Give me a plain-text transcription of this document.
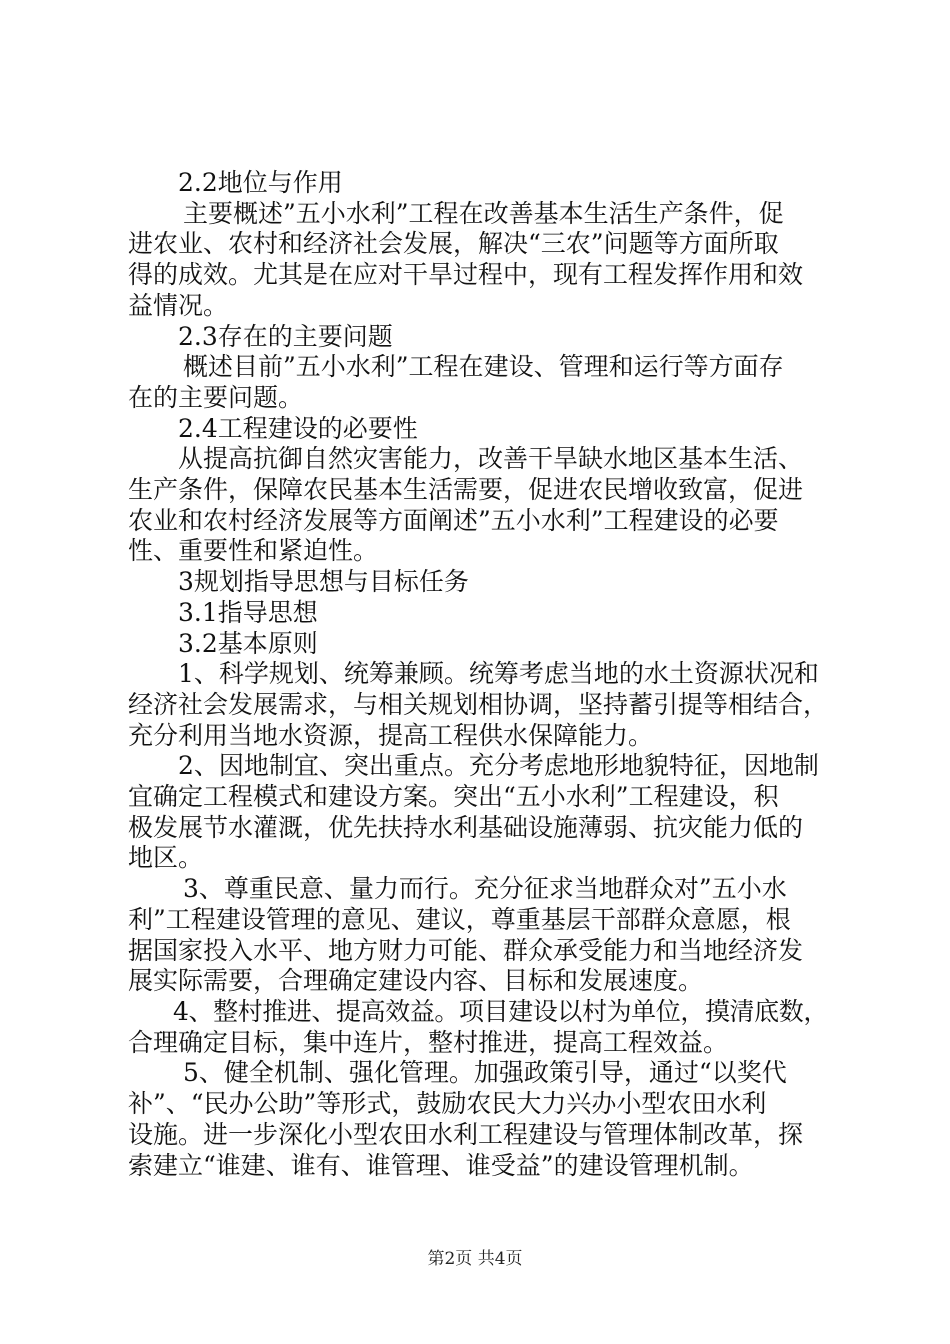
2.2地位与作用
主要概述”五小水利”工程在改善基本生活生产条件，促
进农业、农村和经济社会发展，解决“三农”问题等方面所取
得的成效。尤其是在应对干旱过程中，现有工程发挥作用和效
益情况。
2.3存在的主要问题
概述目前”五小水利”工程在建设、管理和运行等方面存
在的主要问题。
2.4工程建设的必要性
从提高抗御自然灾害能力，改善干旱缺水地区基本生活、
生产条件，保障农民基本生活需要，促进农民增收致富，促进
农业和农村经济发展等方面阐述”五小水利”工程建设的必要
性、重要性和紧迫性。
3规划指导思想与目标任务
3.1指导思想
3.2基本原则
1、科学规划、统筹兼顾。统筹考虑当地的水土资源状况和
经济社会发展需求，与相关规划相协调，坚持蓄引提等相结合，
充分利用当地水资源，提高工程供水保障能力。
2、因地制宜、突出重点。充分考虑地形地貌特征，因地制
宜确定工程模式和建设方案。突出“五小水利”工程建设，积
极发展节水灌溉，优先扶持水利基础设施薄弱、抗灾能力低的
地区。
3、尊重民意、量力而行。充分征求当地群众对”五小水
利”工程建设管理的意见、建议，尊重基层干部群众意愿，根
据国家投入水平、地方财力可能、群众承受能力和当地经济发
展实际需要，合理确定建设内容、目标和发展速度。
4、整村推进、提高效益。项目建设以村为单位，摸清底数，
合理确定目标，集中连片，整村推进，提高工程效益。
5、健全机制、强化管理。加强政策引导，通过“以奖代
补”、“民办公助”等形式，鼓励农民大力兴办小型农田水利
设施。进一步深化小型农田水利工程建设与管理体制改革，探
索建立“谁建、谁有、谁管理、谁受益”的建设管理机制。
第2页 共4页
